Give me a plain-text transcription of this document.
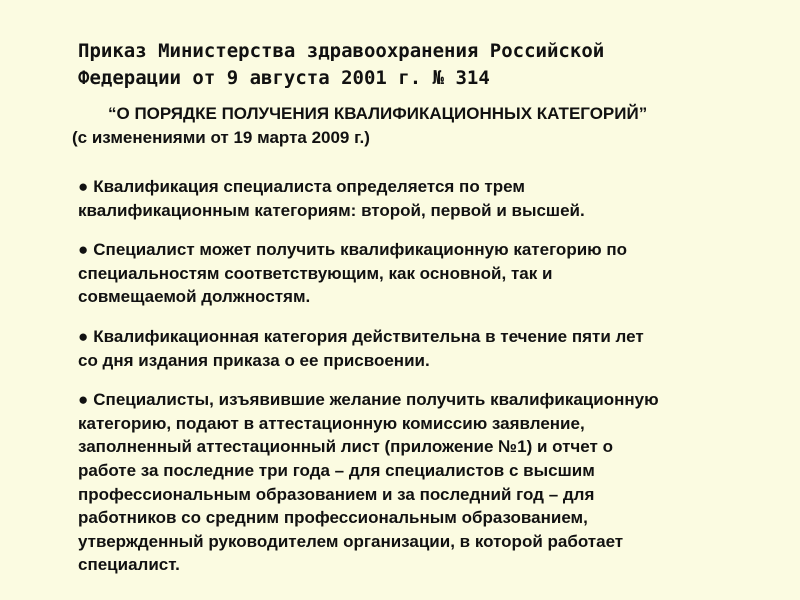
Приказ Министерства здравоохранения Российской
Федерации от 9 августа 2001 г. № 314
“О ПОРЯДКЕ ПОЛУЧЕНИЯ КВАЛИФИКАЦИОННЫХ КАТЕГОРИЙ”
(с изменениями от 19 марта 2009 г.)
● Квалификация специалиста определяется по трем
квалификационным категориям: второй, первой и высшей.
● Специалист может получить квалификационную категорию по
специальностям соответствующим, как основной, так и
совмещаемой должностям.
● Квалификационная категория действительна в течение пяти лет
со дня издания приказа о ее присвоении.
● Специалисты, изъявившие желание получить квалификационную
категорию, подают в аттестационную комиссию заявление,
заполненный аттестационный лист (приложение №1) и отчет о
работе за последние три года – для специалистов с высшим
профессиональным образованием и за последний год – для
работников со средним профессиональным образованием,
утвержденный руководителем организации, в которой работает
специалист.
